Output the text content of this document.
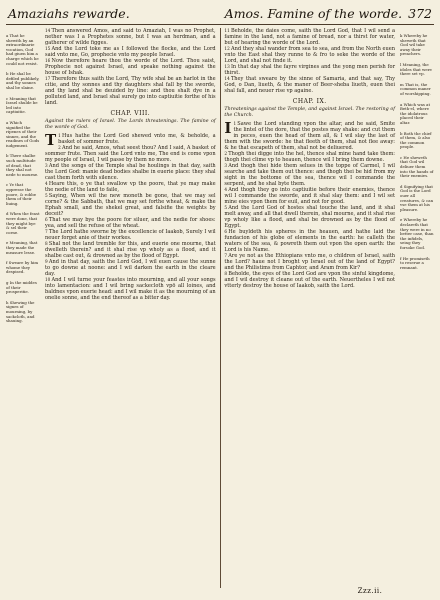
Amaziahs rewarde.	Amos. Famine of the worde. 372
a That he shewith by an extraordinarie vocation, God had giuen him a charge which he could not resist.
b He shal be defiled publikely, and thy sonnes shal be slaine.
c Meaning that Israel shulde be led into captiuitie.
a Which signified the ripenes of their sinnes, and the readines of Gods iudgement.
b There shalbe such multitude of dead, that they shal not nede to mourne.
c Ye that oppresse the poore, & robbe them of their liuing.
d When the feast were done, that they might bye & sel their corne.
e Meaning, that they made the measure lesse.
f Sweare by him whome they despised.
g In the middes of their prosperitie.
h Shewing the signes of mourning, by sackcloth, and shauing.
14Then answered Amos, and said to Amaziah, I was no Prophet, nether was I a Prophetes sonne, but I was an herdman, and a gatherer of wilde figges.
15And the Lord toke me as I followed the flocke, and the Lord said vnto me, Go, prophecie vnto my people Israel.
16Now therefore heare thou the worde of the Lord. Thou saist, Prophecie not against Israel, and speake nothing against the house of Ishak.
17Therefore thus saith the Lord, Thy wife shal be an harlot in the citie, and thy sonnes and thy daughters shal fall by the sworde, and thy land shal be deuided by line: and thou shalt dye in a polluted land, and Israel shal surely go into captiuitie forthe of his land.

CHAP. VIII.
Against the rulers of Israel. The Lords threatenings. The famine of the worde of God.
T 1Hus hathe the Lord God shewed vnto me, & beholde, a basket of sommer frute.
2And he said, Amos, what seest thou? And I said, A basket of sommer frute. Then said the Lord vnto me, The end is come vpon my people of Israel, I wil passe by them no more.
3And the songs of the Temple shal be houlings in that day, saith the Lord God: manie dead bodies shalbe in euerie place: they shal cast them forth with silence.
4Heare this, o ye that swallow vp the poore, that ye may make the nedie of the land to faile,
5Saying, When wil the new moneth be gone, that we may sel corne? & the Sabbath, that we may set forthe wheat, & make the Ephah small, and the shekel great, and falsifie the weights by deceit?
6That we may bye the poore for siluer, and the nedie for shoes: yea, and sell the refuse of the wheat.
7The Lord hathe sworne by the excellencie of Iaakob, Surely I wil neuer forget anie of their workes.
8Shal not the land tremble for this, and euerie one mourne, that dwelleth therein? and it shal rise vp wholy as a flood, and it shalbe cast out, & drowned as by the flood of Egypt.
9And in that day, saith the Lord God, I wil euen cause the sunne to go downe at noone: and I wil darken the earth in the cleare day.
10And I wil turne your feastes into mourning, and all your songs into lamentacion: and I wil bring sackecloth vpō all loines, and baldnes vpon euerie head: and I wil make it as the mourning of an onelie sonne, and the end thereof as a bitter day.

11Beholde, the daies come, saith the Lord God, that I wil send a famine in the land, not a famine of bread, nor a thirst for water, but of hearing the worde of the Lord.
12And they shal wander from sea to sea, and from the North euen vnto the East shal they runne to & fro to seke the worde of the Lord, and shal not finde it.
13In that day shal the fayre virgines and the yong men perish for thirst.
14They that sweare by the sinne of Samaria, and that say, Thy God, o Dan, liueth, & the maner of Beer-sheba liueth, euen thei shal fall, and neuer rise vp againe.

CHAP. IX.
Threatenings against the Temple, and against Israel. The restoring of the Church.
I 1Sawe the Lord standing vpon the altar, and he said, Smite the lintel of the dore, that the postes may shake: and cut them in peces, euen the head of them all, & I wil slay the last of them with the sworde: he that fleeth of them, shal not flee away: & he that escapeth of them, shal not be deliuered.
2Thogh thei digge into the hel, thence shal mine hand take them: thogh thei clime vp to heauen, thence wil I bring them downe.
3And thogh thei hide them selues in the toppe of Carmel, I wil searche and take them out thence: and thogh thei be hid from my sight in the bottome of the sea, thence wil I commande the serpent, and he shal byte them.
4And thogh they go into captiuitie before their enemies, thence wil I commande the sworde, and it shal slay them: and I wil set mine eies vpon them for euil, and not for good.
5And the Lord God of hostes shal touche the land, and it shal melt away, and all that dwell therein, shal mourne, and it shal rise vp wholy like a flood, and shal be drowned as by the flood of Egypt.
6He buyldeth his spheres in the heauen, and hathe laid the fundacion of his globe of elements in the earth: he calleth the waters of the sea, & powreth them out vpon the open earth: the Lord is his Name.
7Are ye not as the Ethiopians vnto me, o children of Israel, saith the Lord? haue not I broght vp Israel out of the land of Egypt? and the Philistims from Caphtor, and Aram from Kir?
8Beholde, the eyes of the Lord God are vpon the sinful kingdome, and I wil destroy it cleane out of the earth. Neuertheles I wil not vtterly destroy the house of Iaakob, saith the Lord.

k Whereby he sheweth that God wil take away their preachers.
l Meaning, the idoles that were there set vp.
m That is, the common maner of worshipping.
a Which was at Beth-el, where the idolatrous placed their altar.
b Both the chief of them, & also the common people.
c He sheweth that God wil deliuer them into the hands of their enemies.
d Signifying that God is the Lord ouer all creatures, & can vse them at his pleasure.
e Whereby he declareth that they were in no better case, than the infidels, seing they forsoke God.
f He promiseth to reserue a remnant.
Zzz.ii.
